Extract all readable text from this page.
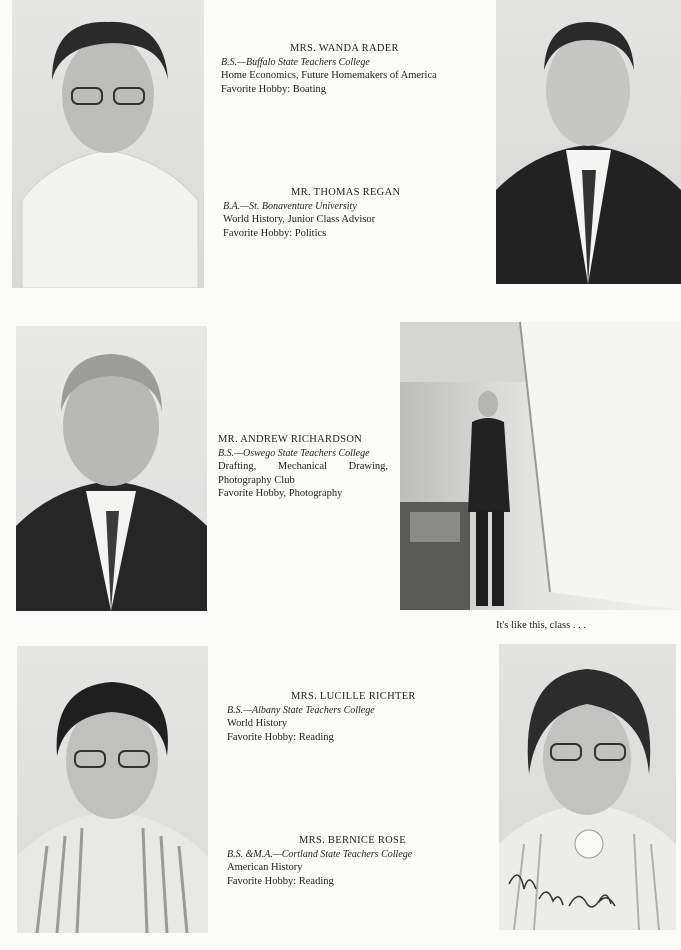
MRS. WANDA RADER
B.S.—Buffalo State Teachers College
Home Economics, Future Homemakers of America
Favorite Hobby: Boating
MR. THOMAS REGAN
B.A.—St. Bonaventure University
World History, Junior Class Advisor
Favorite Hobby: Politics
MR. ANDREW RICHARDSON
B.S.—Oswego State Teachers College
Drafting, Mechanical Drawing, Photography Club
Favorite Hobby, Photography
It's like this, class . . .
MRS. LUCILLE RICHTER
B.S.—Albany State Teachers College
World History
Favorite Hobby: Reading
MRS. BERNICE ROSE
B.S. &M.A.—Cortland State Teachers College
American History
Favorite Hobby: Reading
